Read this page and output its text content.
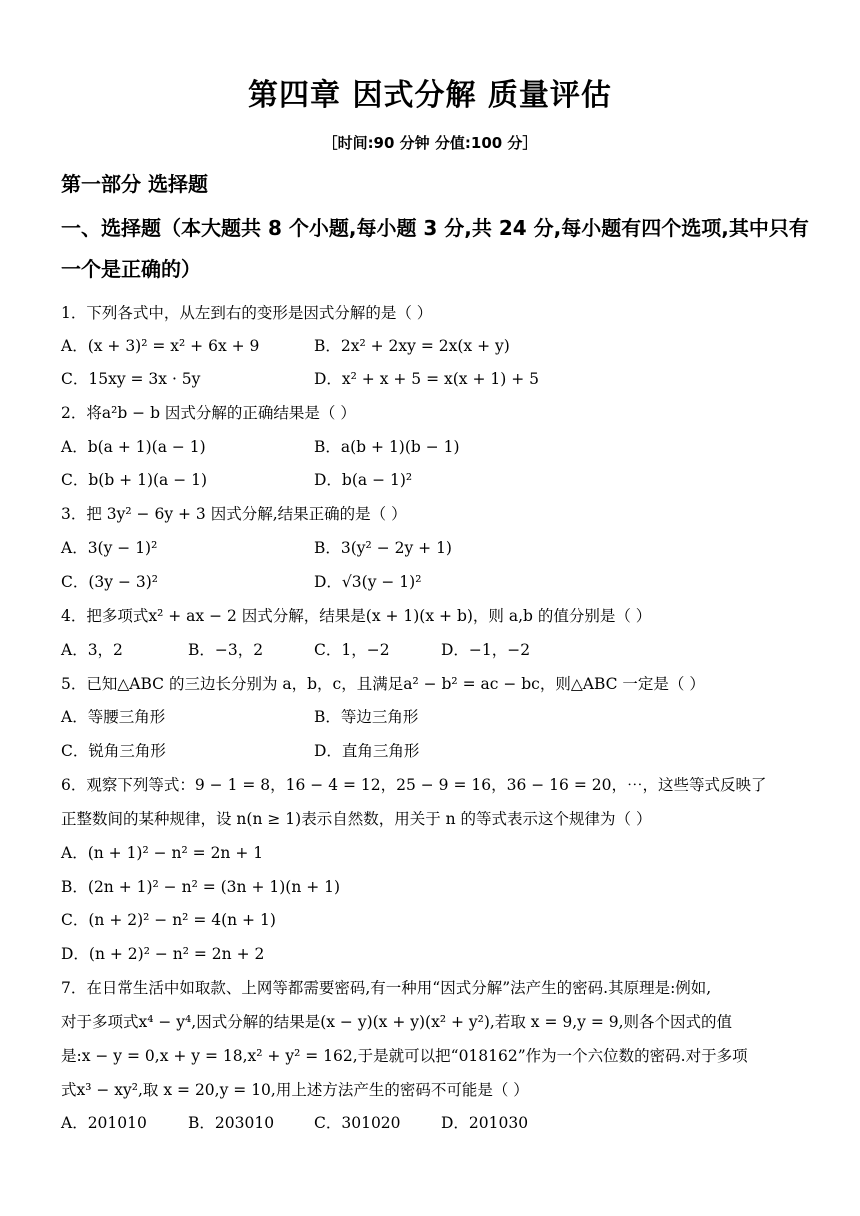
第四章 因式分解 质量评估
［时间:90 分钟 分值:100 分］
第一部分 选择题
一、选择题（本大题共 8 个小题,每小题 3 分,共 24 分,每小题有四个选项,其中只有一个是正确的）
1．下列各式中，从左到右的变形是因式分解的是（ ）
A．(x + 3)² = x² + 6x + 9	B．2x² + 2xy = 2x(x + y)
C．15xy = 3x · 5y	D．x² + x + 5 = x(x + 1) + 5
2．将a²b − b 因式分解的正确结果是（ ）
A．b(a + 1)(a − 1)	B．a(b + 1)(b − 1)
C．b(b + 1)(a − 1)	D．b(a − 1)²
3．把 3y² − 6y + 3 因式分解,结果正确的是（ ）
A．3(y − 1)²	B．3(y² − 2y + 1)
C．(3y − 3)²	D．√3(y − 1)²
4．把多项式x² + ax − 2 因式分解，结果是(x + 1)(x + b)，则 a,b 的值分别是（ ）
A．3，2	B．−3，2	C．1，−2	D．−1，−2
5．已知△ABC 的三边长分别为 a，b，c，且满足a² − b² = ac − bc，则△ABC 一定是（ ）
A．等腰三角形	B．等边三角形
C．锐角三角形	D．直角三角形
6．观察下列等式：9 − 1 = 8，16 − 4 = 12，25 − 9 = 16，36 − 16 = 20，⋯，这些等式反映了
正整数间的某种规律，设 n(n ≥ 1)表示自然数，用关于 n 的等式表示这个规律为（ ）
A．(n + 1)² − n² = 2n + 1
B．(2n + 1)² − n² = (3n + 1)(n + 1)
C．(n + 2)² − n² = 4(n + 1)
D．(n + 2)² − n² = 2n + 2
7．在日常生活中如取款、上网等都需要密码,有一种用“因式分解”法产生的密码.其原理是:例如,
对于多项式x⁴ − y⁴,因式分解的结果是(x − y)(x + y)(x² + y²),若取 x = 9,y = 9,则各个因式的值
是:x − y = 0,x + y = 18,x² + y² = 162,于是就可以把“018162”作为一个六位数的密码.对于多项
式x³ − xy²,取 x = 20,y = 10,用上述方法产生的密码不可能是（ ）
A．201010	B．203010	C．301020	D．201030
